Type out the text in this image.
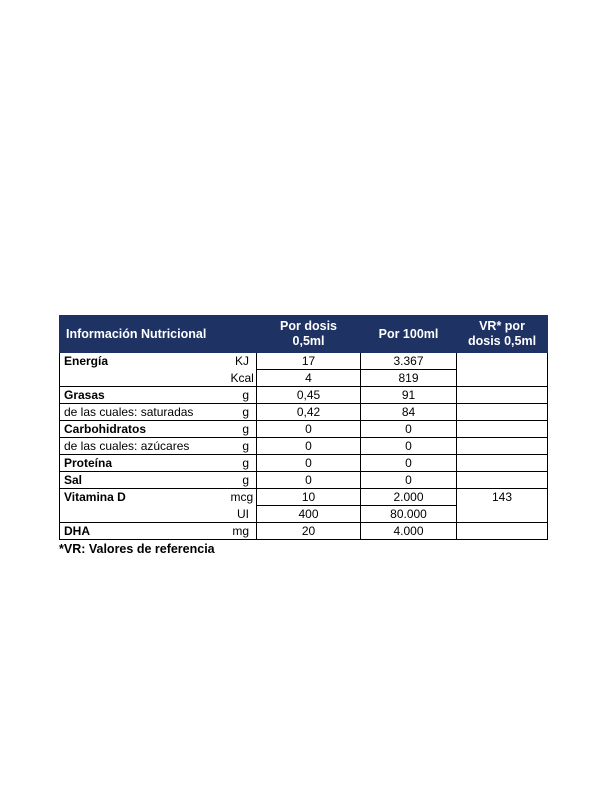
Información Nutricional		Por dosis 0,5ml	Por 100ml	VR* por dosis 0,5ml
Energía	KJ	17	3.367	
	Kcal	4	819	
Grasas	g	0,45	91	
de las cuales: saturadas	g	0,42	84	
Carbohidratos	g	0	0	
de las cuales: azúcares	g	0	0	
Proteína	g	0	0	
Sal	g	0	0	
Vitamina D	mcg	10	2.000	143
	UI	400	80.000	
DHA	mg	20	4.000	
*VR: Valores de referencia
